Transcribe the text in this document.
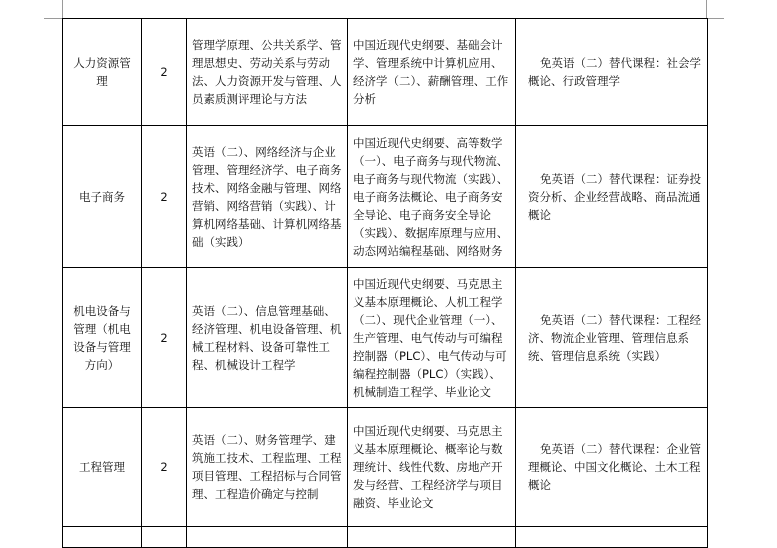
人力资源管理	2	管理学原理、公共关系学、管理思想史、劳动关系与劳动法、人力资源开发与管理、人员素质测评理论与方法	中国近现代史纲要、基础会计学、管理系统中计算机应用、经济学（二）、薪酬管理、工作分析	免英语（二）替代课程：社会学概论、行政管理学
电子商务	2	英语（二）、网络经济与企业管理、管理经济学、电子商务技术、网络金融与管理、网络营销、网络营销（实践）、计算机网络基础、计算机网络基础（实践）	中国近现代史纲要、高等数学（一）、电子商务与现代物流、电子商务与现代物流（实践）、电子商务法概论、电子商务安全导论、电子商务安全导论（实践）、数据库原理与应用、动态网站编程基础、网络财务	免英语（二）替代课程：证券投资分析、企业经营战略、商品流通概论
机电设备与管理（机电设备与管理方向）	2	英语（二）、信息管理基础、经济管理、机电设备管理、机械工程材料、设备可靠性工程、机械设计工程学	中国近现代史纲要、马克思主义基本原理概论、人机工程学（二）、现代企业管理（一）、生产管理、电气传动与可编程控制器（PLC）、电气传动与可编程控制器（PLC）（实践）、机械制造工程学、毕业论文	免英语（二）替代课程：工程经济、物流企业管理、管理信息系统、管理信息系统（实践）
工程管理	2	英语（二）、财务管理学、建筑施工技术、工程监理、工程项目管理、工程招标与合同管理、工程造价确定与控制	中国近现代史纲要、马克思主义基本原理概论、概率论与数理统计、线性代数、房地产开发与经营、工程经济学与项目融资、毕业论文	免英语（二）替代课程：企业管理概论、中国文化概论、土木工程概论
